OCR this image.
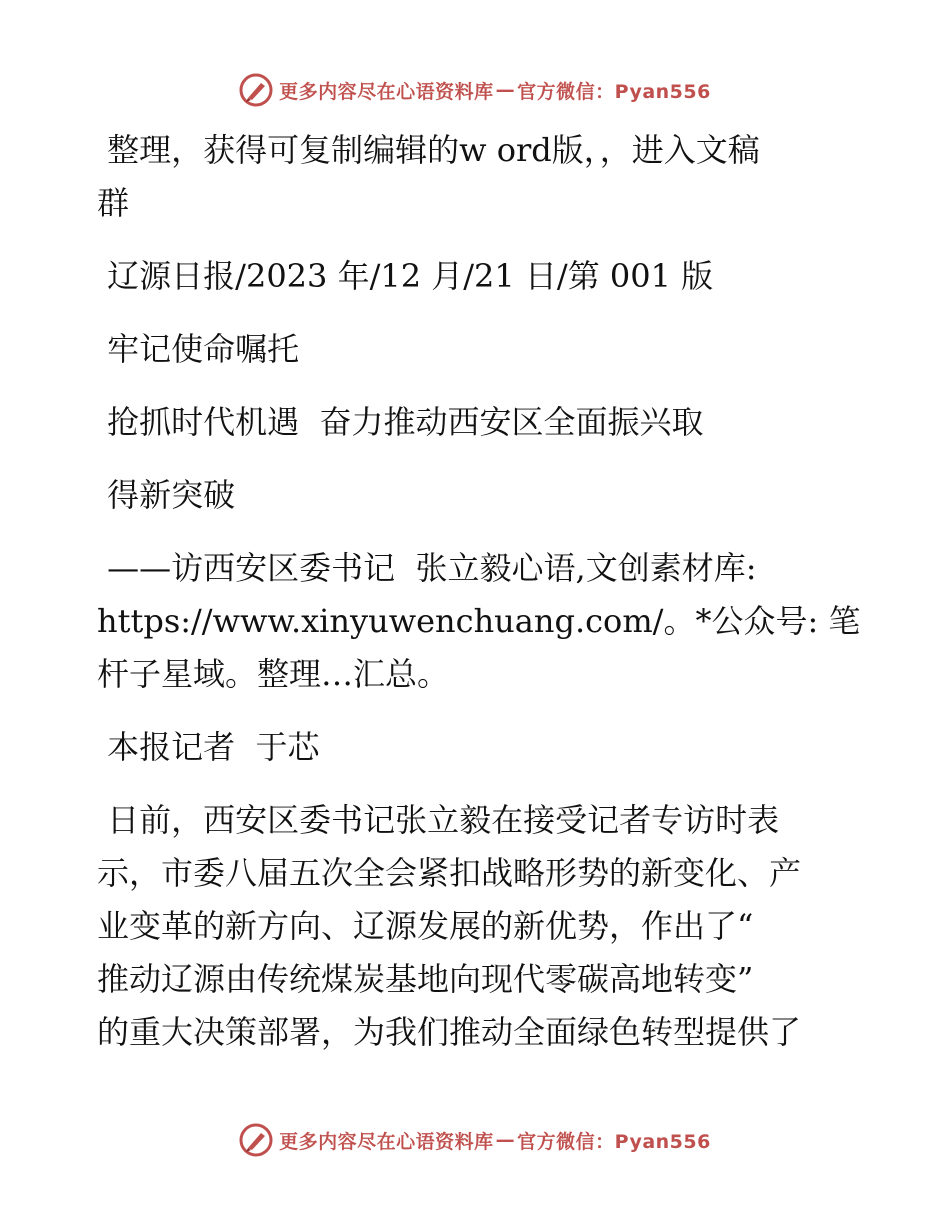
更多内容尽在心语资料库 — 官方微信：Pyan556

整理，获得可复制编辑的w ord版，，进入文稿

群

辽源日报/2023 年/12 月/21 日/第 001 版

牢记使命嘱托

抢抓时代机遇  奋力推动西安区全面振兴取

得新突破

——访西安区委书记  张立毅心语,文创素材库:

https://www.xinyuwenchuang.com/。*公众号: 笔

杆子星域。整理…汇总。

本报记者  于芯

日前，西安区委书记张立毅在接受记者专访时表

示，市委八届五次全会紧扣战略形势的新变化、产

业变革的新方向、辽源发展的新优势，作出了“

推动辽源由传统煤炭基地向现代零碳高地转变”

的重大决策部署，为我们推动全面绿色转型提供了

更多内容尽在心语资料库 — 官方微信：Pyan556
